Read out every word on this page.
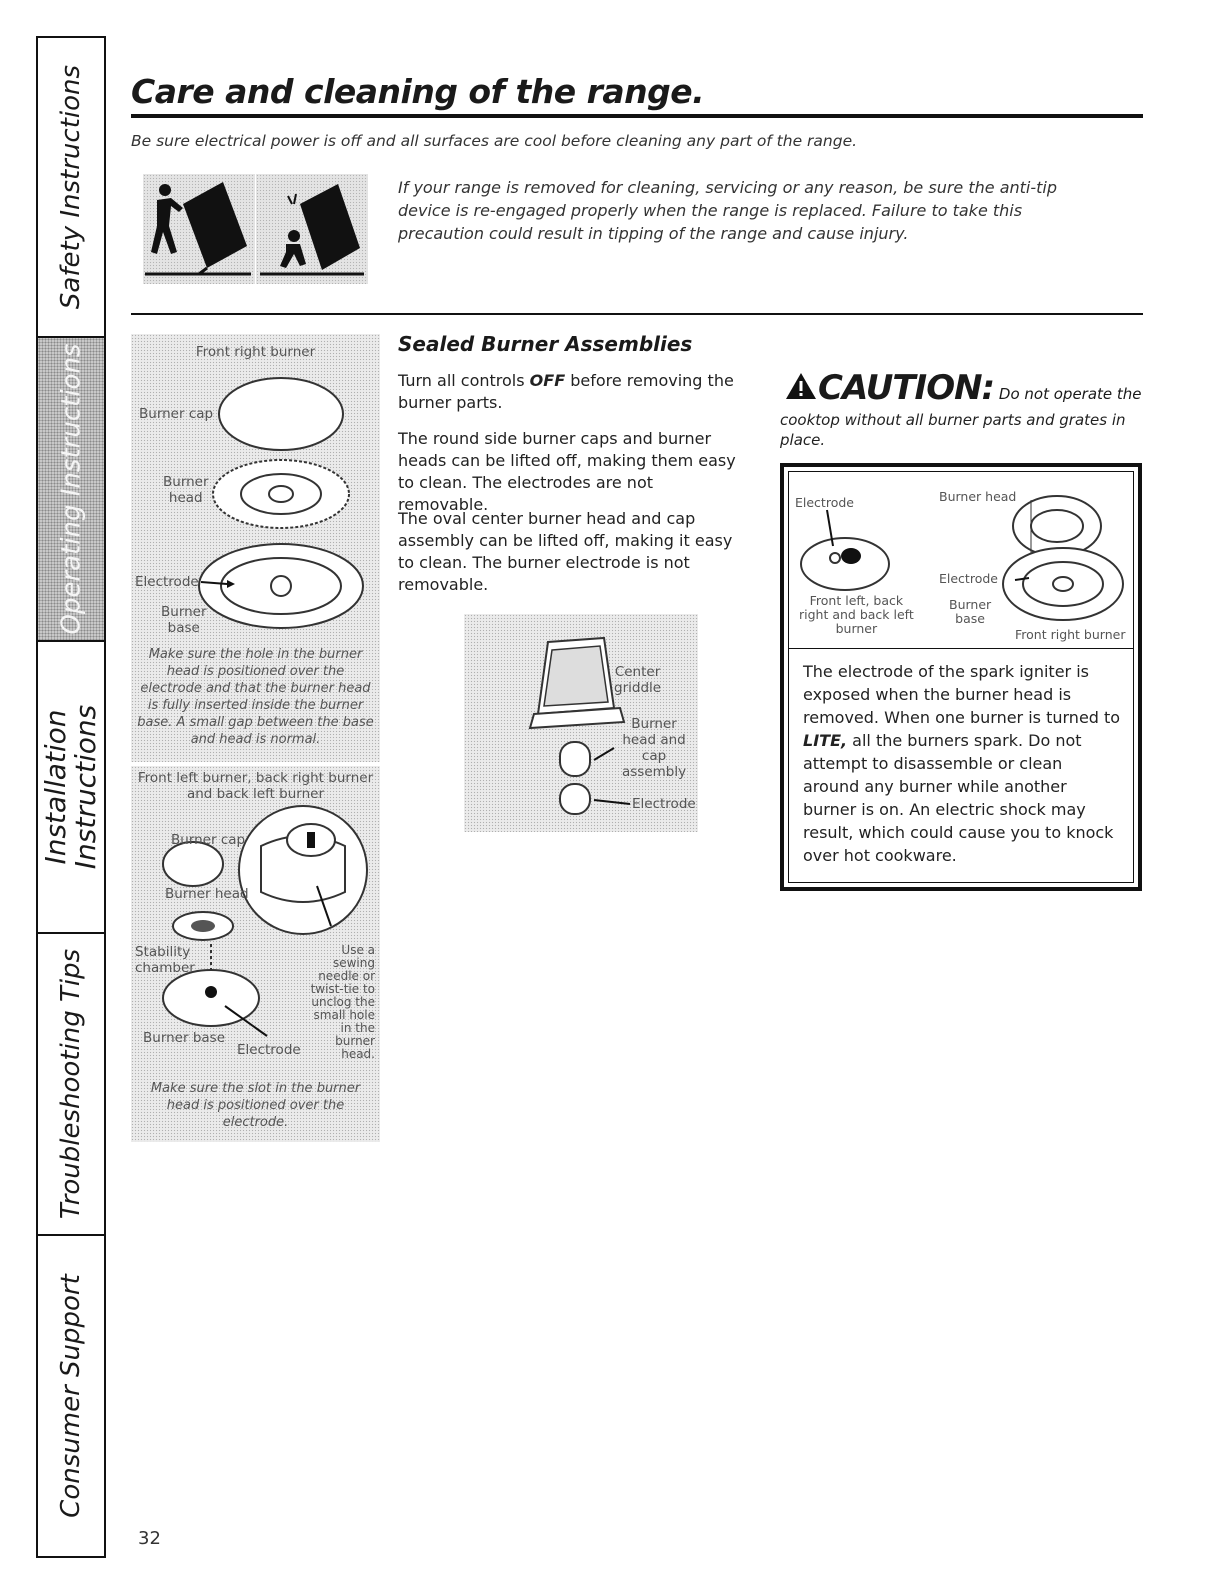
Safety Instructions
Operating Instructions
Installation Instructions
Troubleshooting Tips
Consumer Support
Care and cleaning of the range.
Be sure electrical power is off and all surfaces are cool before cleaning any part of the range.
If your range is removed for cleaning, servicing or any reason, be sure the anti-tip device is re-engaged properly when the range is replaced. Failure to take this precaution could result in tipping of the range and cause injury.
Front right burner
Burner cap
Burner
head
Electrode
Burner
base
Make sure the hole in the burner head is positioned over the electrode and that the burner head is fully inserted inside the burner base. A small gap between the base and head is normal.
Front left burner, back right burner
and back left burner
Burner cap
Burner head
Stability
chamber
Use a
sewing
needle or
twist-tie to
unclog the
small hole
in the
burner
head.
Burner base
Electrode
Make sure the slot in the burner head is positioned over the electrode.
Sealed Burner Assemblies
Turn all controls OFF before removing the burner parts.
The round side burner caps and burner heads can be lifted off, making them easy to clean. The electrodes are not removable.
The oval center burner head and cap assembly can be lifted off, making it easy to clean. The burner electrode is not removable.
Center
griddle
Burner
head and
cap
assembly
Electrode
CAUTION: Do not operate the
cooktop without all burner parts and grates in place.
Electrode	Burner head
Electrode
Front left, back
right and back left
burner
Burner
base
Front right burner
The electrode of the spark igniter is exposed when the burner head is removed. When one burner is turned to LITE, all the burners spark. Do not attempt to disassemble or clean around any burner while another burner is on. An electric shock may result, which could cause you to knock over hot cookware.
32
